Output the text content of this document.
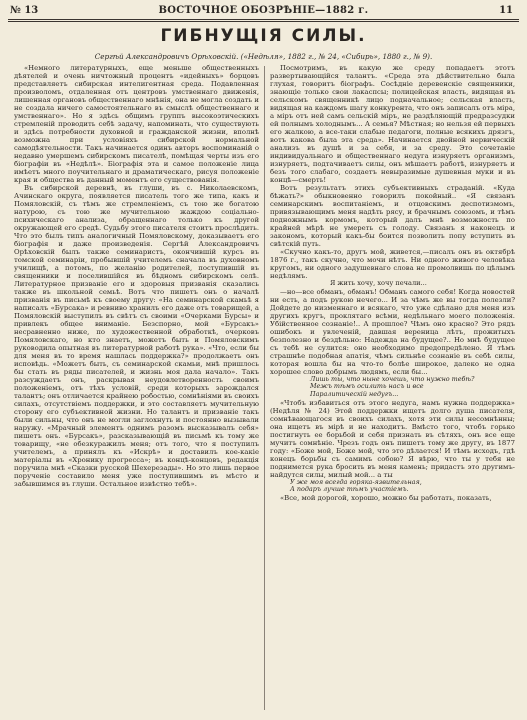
№ 13	ВОСТОЧНОЕ ОБОЗРѢНІЕ—1882 г.	11
ГИБНУЩІЯ СИЛЫ.
Сергѣй Александровичъ Орѣховскій. («Недѣля», 1882 г., № 24, «Сибирь», 1880 г., № 9).

«Немного литературныхъ, еще меньше общественныхъ дѣятелей и очень ничтожный процентъ «идейныхъ» борцовъ представляетъ сибирская интелигентная среда. Подавленная произволомъ, отдаленная отъ центровъ умственнаго движенія, лишенная органовъ общественнаго мнѣнія, она не могла создать и не создала ничего самостоятельнаго въ смыслѣ общественнаго и умственнаго». Но я здѣсь общимъ группъ высокоэтическихъ стремленій проводить себѣ задачу, напоминать, что существують и здѣсь потребности духовной и гражданской жизни, вполнѣ возможна при условіяхъ сибирской нормальной самодѣятельности. Такъ начинается одинъ авторъ воспоминаній о недавно умершемъ сибирскомъ писателѣ, помѣщая черты изъ его біографіи въ «Недѣлѣ». Біографія эта и самое положеніе лица имѣетъ много поучительнаго и драматическаго, рисуя положеніе края и общества въ данный моментъ его существованія.

Въ сибирской деревнѣ, въ глуши, въ с. Николаевскомъ, Ачинскаго округа, появляется писатель того же типа, какъ и Помяловскій, съ тѣмъ же стремленіемъ, съ тою же богатою натурою, съ тою же мучительною жаждою соціально-психическаго анализа, обращеннаго только къ другой окружающей его средѣ. Судьбу этого писателя стоитъ прослѣдить. Что это былъ типъ аналогичный Помяловскому, доказываетъ его біографія и даже произведенія. Сергѣй Александровичъ Орѣховскій былъ также семинаристъ, окончившій курсъ въ томской семинаріи, пробывшій учителемъ сначала въ духовномъ училищѣ, а потомъ, по желанію родителей, поступившій въ священники и поселившійся въ бѣдномъ сибирскомъ селѣ. Литературное призваніе его и здоровыя призванія сказались также въ школьной семьѣ. Вотъ что пишетъ онъ о началѣ призванія въ письмѣ къ своему другу: «На семинарской скамьѣ я написалъ «Бурсака» и ревниво хранилъ его даже отъ товарищей, а Помяловскій выступилъ въ свѣтъ съ своими «Очерками Бурсы» и привлекъ общее вниманіе. Безспорно, мой «Бурсакъ» несравненно ниже, по художественной обработкѣ, очерковъ Помяловскаго, но кто знаетъ, можетъ быть и Помяловскимъ руководила опытная въ литературной работѣ рука». «Что, если бы для меня въ то время нашлась поддержка?» продолжаетъ онъ исповѣдь. «Можетъ быть, съ семинарской скамьи, мнѣ пришлось бы стать въ ряды писателей, и жизнь моя дала начало». Такъ разсуждаетъ онъ, раскрывая неудовлетворенность своимъ положеніемъ, отъ тѣхъ условій, среди которыхъ зарождался талантъ; онъ отличается крайнею робостью, сомнѣніями въ своихъ силахъ, отсутствіемъ поддержки, и это составляетъ мучительную сторону его субъективной жизни. Но талантъ и призваніе такъ были сильны, что онъ не могли заглохнуть и постоянно вызывали наружу. «Мрачный элементъ однимъ разомъ высказывалъ себя» пишетъ онъ. «Бурсакъ», разсказывающій въ письмѣ къ тому же товарищу, «не обезкуражилъ меня; отъ того, что я поступилъ учителемъ, а принялъ къ «Искрѣ» и доставилъ кое-какіе матеріалы въ «Хронику прогресса»; въ концѣ-концовъ, редакція поручила мнѣ «Сказки русской Шехерезады». Но это лишь первое порученіе составило меня уже поступившимъ въ мѣсто и забывшимся въ глуши. Остальное извѣстно тебѣ».

Посмотримъ, въ какую же среду попадаетъ этотъ развертывающійся талантъ. «Среда эта дѣйствительно была глухая, говоритъ біографъ. Сосѣдніе деревенскіе священники, знающіе только свои лакаспсы; полицейская власть, видящая въ сельскомъ священникѣ лицо подначальное; сельская власть, видящая на каждомъ шагу конкурента, что онъ записалъ отъ міра, а міръ отъ ней самъ сельскій міръ, не раздѣляющій предразсудки ей полнымъ холоднымъ... А семья? Мѣстная; но нельзя ей первыхъ его жалкою, а все-таки слабые педагоги, полные всякихъ дрязгъ, вотъ какова была эта среда». Начинается двойной нервическій анализъ въ душѣ и за себя, и за среду. Это сочетаніе индивидуальнаго и общественнаго недуга изнуряетъ организмъ, изнуряетъ, подтачиваетъ силы, онъ мѣшаетъ работѣ, изнуряетъ и безъ того слабаго, создаетъ невыразимые душевныя муки и въ концѣ—смерть!

Вотъ результатъ этихъ субъективныхъ страданій. «Куда бѣжать?» обыкновенно говорилъ покойный.. «Я связанъ семинарскимъ воспитаніемъ, и отцовскимъ деспотизмомъ, привязывающимъ меня надѣть рясу, и брачнымъ союзомъ, и тѣмъ подножнымъ кормомъ, который далъ мнѣ возможность по крайней мѣрѣ не умереть съ голоду. Связанъ я наконецъ и закономъ, который какъ-бы боится позволить попу вступить въ свѣтскій путь.

«Скучно какъ-то, другъ мой, живется,—писалъ онъ въ октябрѣ 1876 г., такъ скучно, что мочи нѣтъ. Ни одного живого человѣка кругомъ, ни одного задушевнаго слова не промолвишь по цѣлымъ недѣлямъ.

Я жить хочу, хочу печали...

—но—все обманъ, обманъ! Обманъ самого себя! Когда новостей ни есть, а подъ рукою нечего... И за чѣмъ же вы тогда полезли? Дойдете до низменнаго и всякаго, что уже сдѣлано для меня изъ другихъ кругъ, проклятаго всѣми, недѣльнаго моего положенія. Убійственное сознаніе!.. А прошлое? Чѣмъ оно красно? Это рядъ ошибокъ и увлеченій, давшая вереница лѣтъ, прожитыхъ безполезно и бездѣльно: Надежда на будущее?.. Но мнѣ будущее съ тебѣ не сулится: оно необходимо предопредѣлено. Я тѣмъ страшнѣе подобная апатія, чѣмъ сильнѣе сознаніе въ себѣ силы, которая вошла бы на что-то болѣе широкое, далеко не одна хорошее слово добрымъ людямъ, если бы...

Лишь ты, что ныне хочешь, что нужно тебѣ?

Межъ тѣмъ осилить насъ и все

Паралитическій недугъ...

«Чтобъ избавиться отъ этого недуга, намъ нужна поддержка» (Недѣля № 24) Этой поддержки ищетъ долго душа писателя, сомнѣвающагося въ своихъ силахъ, хотя эти силы несомнѣнны; она ищетъ въ мірѣ и не находитъ. Вмѣсто того, чтобъ горько постигнуть ее борьбой и себя признать въ сѣтяхъ, онъ все еще мучитъ сомнѣніе. Чрезъ годъ онъ пишетъ тому же другу, въ 1877 году: «Боже мой, Боже мой, что это дѣлается! И тѣмъ исходъ, гдѣ конецъ борьбы съ самимъ собою? Я вѣрю, что ты у тебя не поднимется рука бросить въ меня камень; придастъ это другимъ-найдутся силы, милый мой... а ты

У же моя всегда горяка-язвительная,

А подаръ лучше тѣмъ участіемъ.

«Все, мой дорогой, хорошо, можно бы работать, показать,
